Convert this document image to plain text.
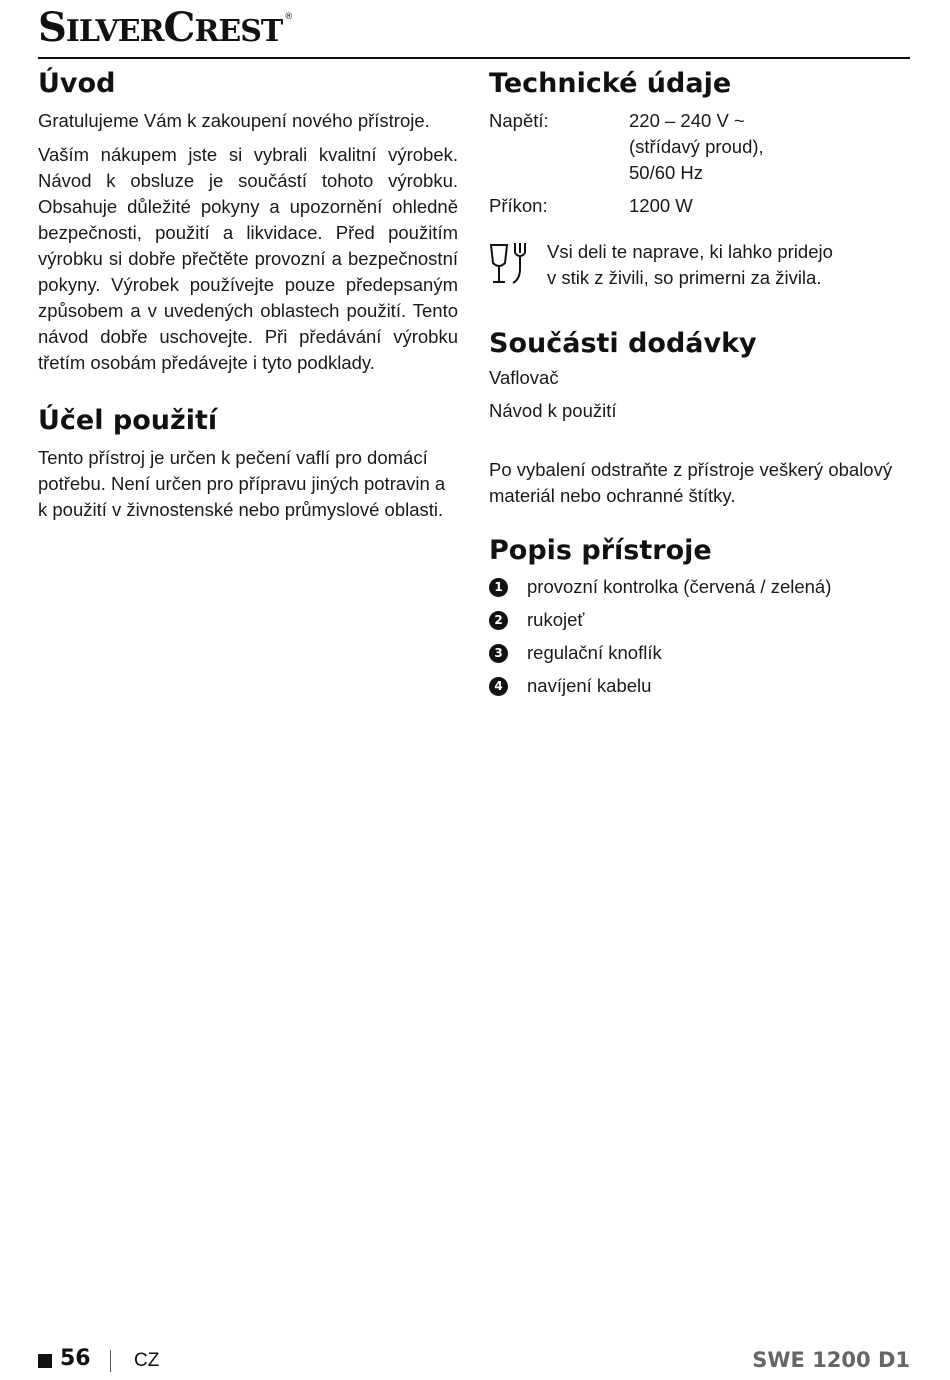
SILVERCREST ®
Úvod

Gratulujeme Vám k zakoupení nového přístroje.

Vaším nákupem jste si vybrali kvalitní výrobek. Návod k obsluze je součástí tohoto výrobku. Obsahuje důležité pokyny a upozornění ohledně bezpečnosti, použití a likvidace. Před použitím výrobku si dobře přečtěte provozní a bezpečnostní pokyny. Výrobek používejte pouze předepsaným způsobem a v uvedených oblastech použití. Tento návod dobře uschovejte. Při předávání výrobku třetím osobám předávejte i tyto podklady.

Účel použití

Tento přístroj je určen k pečení vaflí pro domácí potřebu. Není určen pro přípravu jiných potravin a k použití v živnostenské nebo průmyslové oblasti.

Technické údaje
Napětí:	220 – 240 V ~
(střídavý proud),
50/60 Hz
Příkon:	1200 W

Vsi deli te naprave, ki lahko pridejo
v stik z živili, so primerni za živila.

Součásti dodávky

Vaflovač

Návod k použití

Po vybalení odstraňte z přístroje veškerý obalový materiál nebo ochranné štítky.

Popis přístroje
1 provozní kontrolka (červená / zelená)
2 rukojeť
3 regulační knoflík
4 navíjení kabelu
56 CZ	SWE 1200 D1
